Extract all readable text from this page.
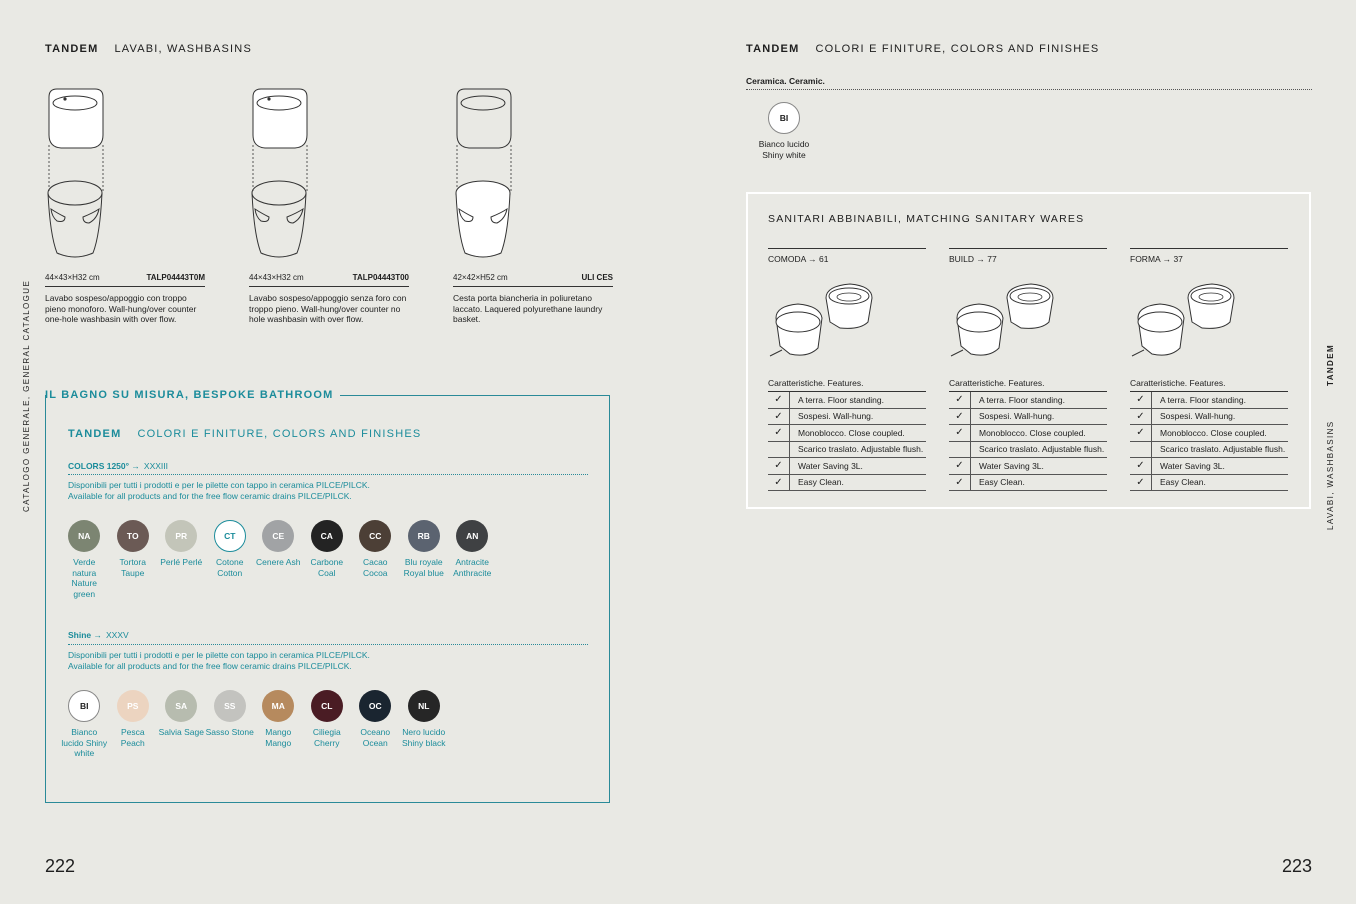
TANDEM LAVABI, WASHBASINS
CATALOGO GENERALE, GENERAL CATALOGUE
44×43×H32 cm	TALP04443T0M
Lavabo sospeso/appoggio con troppo pieno monoforo. Wall-hung/over counter one-hole washbasin with over flow.
44×43×H32 cm	TALP04443T00
Lavabo sospeso/appoggio senza foro con troppo pieno. Wall-hung/over counter no hole washbasin with over flow.
42×42×H52 cm	ULI CES
Cesta porta biancheria in poliuretano laccato. Laquered polyurethane laundry basket.
IL BAGNO SU MISURA, BESPOKE BATHROOM
TANDEM COLORI E FINITURE, COLORS AND FINISHES
COLORS 1250° → XXXIII
Disponibili per tutti i prodotti e per le pilette con tappo in ceramica PILCE/PILCK.
Available for all products and for the free flow ceramic drains PILCE/PILCK.
NA
Verde natura Nature green
TO
Tortora Taupe
PR
Perlé Perlé
CT
Cotone Cotton
CE
Cenere Ash
CA
Carbone Coal
CC
Cacao Cocoa
RB
Blu royale Royal blue
AN
Antracite Anthracite
Shine → XXXV
Disponibili per tutti i prodotti e per le pilette con tappo in ceramica PILCE/PILCK.
Available for all products and for the free flow ceramic drains PILCE/PILCK.
BI
Bianco lucido Shiny white
PS
Pesca Peach
SA
Salvia Sage
SS
Sasso Stone
MA
Mango Mango
CL
Ciliegia Cherry
OC
Oceano Ocean
NL
Nero lucido Shiny black
222
TANDEM COLORI E FINITURE, COLORS AND FINISHES
Ceramica. Ceramic.
BI
Bianco lucido
Shiny white
SANITARI ABBINABILI, MATCHING SANITARY WARES
COMODA → 61
Caratteristiche. Features.
✓	A terra. Floor standing.
✓	Sospesi. Wall-hung.
✓	Monoblocco. Close coupled.
Scarico traslato. Adjustable flush.
✓	Water Saving 3L.
✓	Easy Clean.
BUILD → 77
Caratteristiche. Features.
✓	A terra. Floor standing.
✓	Sospesi. Wall-hung.
✓	Monoblocco. Close coupled.
Scarico traslato. Adjustable flush.
✓	Water Saving 3L.
✓	Easy Clean.
FORMA → 37
Caratteristiche. Features.
✓	A terra. Floor standing.
✓	Sospesi. Wall-hung.
✓	Monoblocco. Close coupled.
Scarico traslato. Adjustable flush.
✓	Water Saving 3L.
✓	Easy Clean.
TANDEM
LAVABI, WASHBASINS
223
